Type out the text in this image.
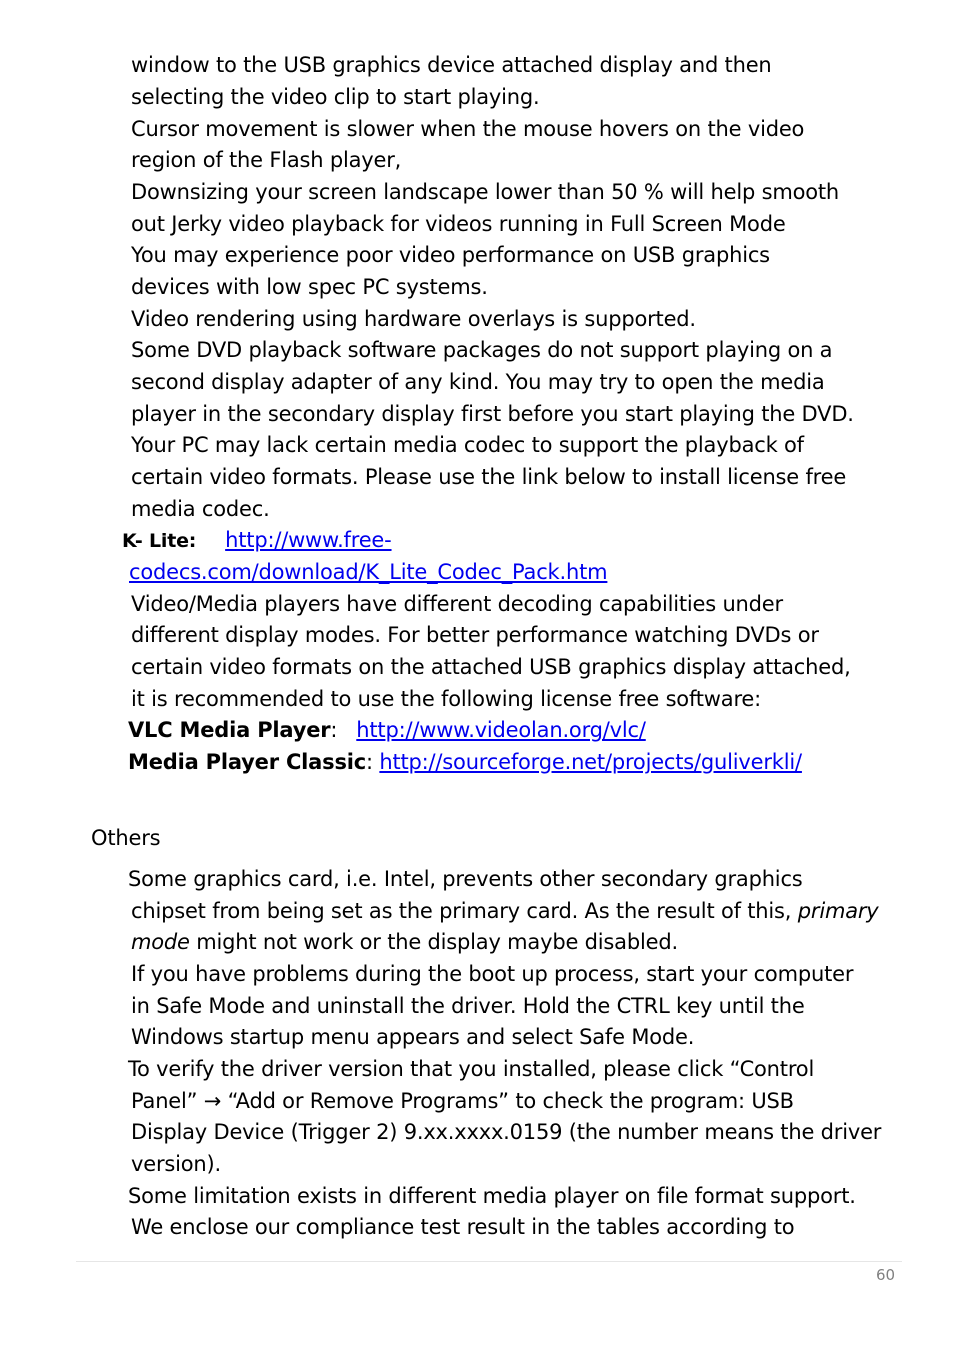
window to the USB graphics device attached display and then
selecting the video clip to start playing.
Cursor movement is slower when the mouse hovers on the video
region of the Flash player,
Downsizing your screen landscape lower than 50 % will help smooth
out Jerky video playback for videos running in Full Screen Mode
You may experience poor video performance on USB graphics
devices with low spec PC systems.
Video rendering using hardware overlays is supported.
Some DVD playback software packages do not support playing on a
second display adapter of any kind. You may try to open the media
player in the secondary display first before you start playing the DVD.
Your PC may lack certain media codec to support the playback of
certain video formats. Please use the link below to install license free
media codec.
K- Lite: http://www.free-
codecs.com/download/K_Lite_Codec_Pack.htm
Video/Media players have different decoding capabilities under
different display modes. For better performance watching DVDs or
certain video formats on the attached USB graphics display attached,
it is recommended to use the following license free software:
VLC Media Player: http://www.videolan.org/vlc/
Media Player Classic: http://sourceforge.net/projects/guliverkli/
Others
Some graphics card, i.e. Intel, prevents other secondary graphics
chipset from being set as the primary card. As the result of this, primary
mode might not work or the display maybe disabled.
If you have problems during the boot up process, start your computer
in Safe Mode and uninstall the driver. Hold the CTRL key until the
Windows startup menu appears and select Safe Mode.
To verify the driver version that you installed, please click “Control
Panel” → “Add or Remove Programs” to check the program: USB
Display Device (Trigger 2) 9.xx.xxxx.0159 (the number means the driver
version).
Some limitation exists in different media player on file format support.
We enclose our compliance test result in the tables according to
60
